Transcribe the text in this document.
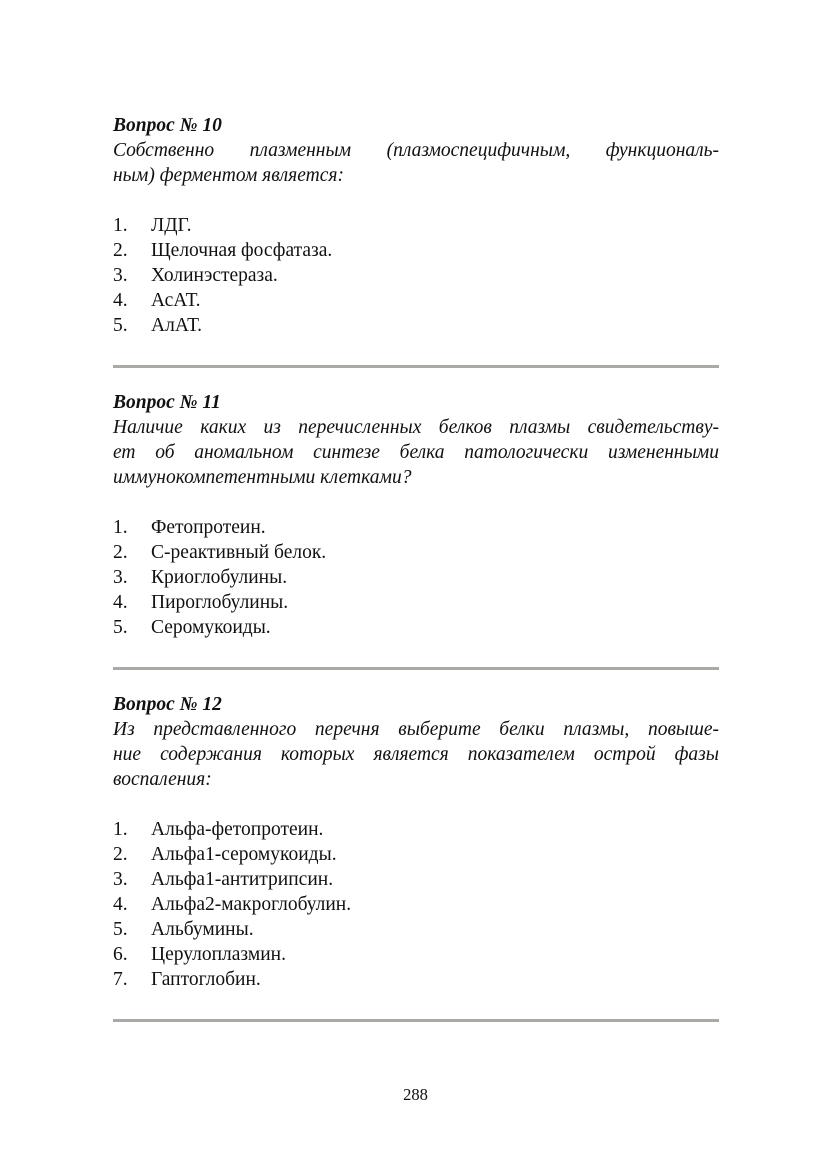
Вопрос № 10

Собственно плазменным (плазмоспецифичным, функциональ-
ным) ферментом является:

1.	ЛДГ.
2.	Щелочная фосфатаза.
3.	Холинэстераза.
4.	АсАТ.
5.	АлАТ.

Вопрос № 11

Наличие каких из перечисленных белков плазмы свидетельству-
ет об аномальном синтезе белка патологически измененными
иммунокомпетентными клетками?

1.	Фетопротеин.
2.	С-реактивный белок.
3.	Криоглобулины.
4.	Пироглобулины.
5.	Серомукоиды.

Вопрос № 12

Из представленного перечня выберите белки плазмы, повыше-
ние содержания которых является показателем острой фазы
воспаления:

1.	Альфа-фетопротеин.
2.	Альфа1-серомукоиды.
3.	Альфа1-антитрипсин.
4.	Альфа2-макроглобулин.
5.	Альбумины.
6.	Церулоплазмин.
7.	Гаптоглобин.
288
